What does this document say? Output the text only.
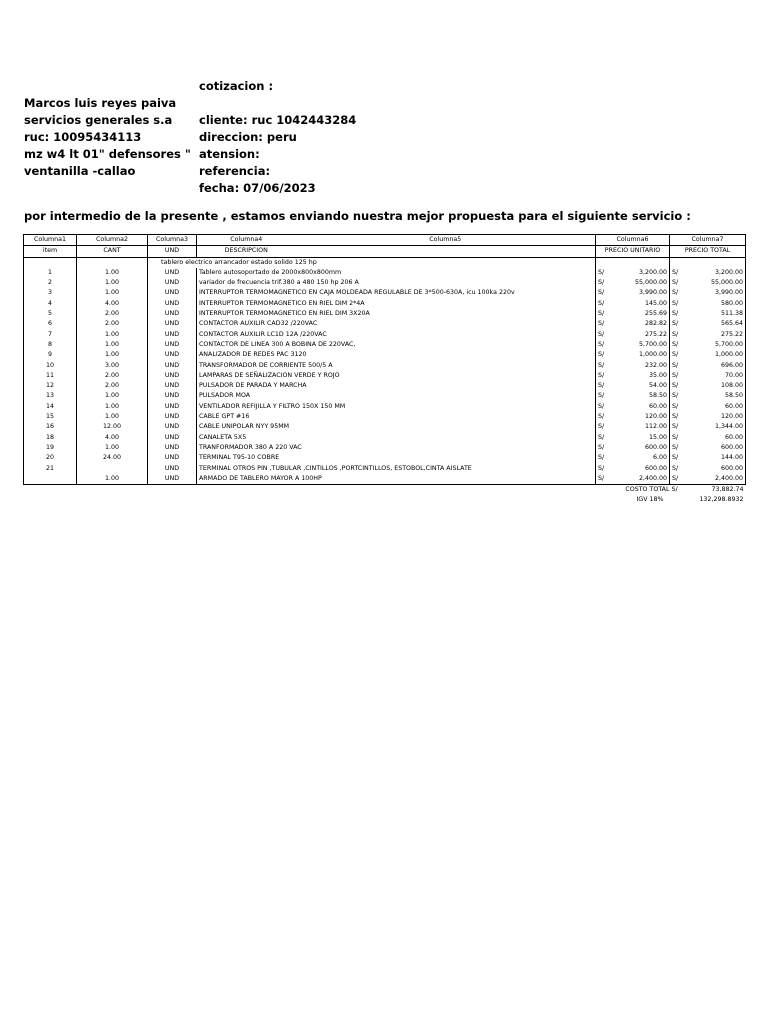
Marcos luis reyes paiva
servicios generales s.a
ruc: 10095434113
mz w4 lt 01" defensores "
ventanilla -callao
cotizacion :

cliente: ruc 1042443284
direccion: peru
atension:
referencia:
fecha: 07/06/2023
por intermedio de la presente , estamos enviando nuestra mejor propuesta para el siguiente servicio :
Columna1	Columna2	Columna3	Columna4	Columna5	Columna6	Columna7
item	CANT	UND	DESCRIPCION		PRECIO UNITARIO	PRECIO TOTAL
		tablero electrico arrancador estado solido 125 hp				
1	1.00	UND	Tablero autosoportado de 2000x800x800mm		S/ 3,200.00	S/ 3,200.00

2	1.00	UND	variador de frecuencia trif.380 a 480 150 hp 206 A		S/ 55,000.00	S/ 55,000.00

3	1.00	UND	INTERRUPTOR TERMOMAGNETICO EN CAJA MOLDEADA REGULABLE DE 3*500-630A, icu 100ka 220v		S/ 3,990.00	S/ 3,990.00

4	4.00	UND	INTERRUPTOR TERMOMAGNETICO EN RIEL DIM 2*4A		S/ 145.00	S/ 580.00

5	2.00	UND	INTERRUPTOR TERMOMAGNETICO EN RIEL DIM 3X20A		S/ 255.69	S/ 511.38

6	2.00	UND	CONTACTOR AUXILIR CAD32 /220VAC		S/ 282.82	S/ 565.64

7	1.00	UND	CONTACTOR AUXILIR LC1D 12A /220VAC		S/ 275.22	S/ 275.22

8	1.00	UND	CONTACTOR DE LINEA 300 A BOBINA DE 220VAC,		S/ 5,700.00	S/ 5,700.00

9	1.00	UND	ANALIZADOR DE REDES PAC 3120		S/ 1,000.00	S/ 1,000.00

10	3.00	UND	TRANSFORMADOR DE CORRIENTE 500/5 A		S/ 232.00	S/ 696.00

11	2.00	UND	LAMPARAS DE SEÑALIZACION VERDE Y ROJO		S/ 35.00	S/ 70.00

12	2.00	UND	PULSADOR DE PARADA Y MARCHA		S/ 54.00	S/ 108.00

13	1.00	UND	PULSADOR MOA		S/ 58.50	S/ 58.50

14	1.00	UND	VENTILADOR REFIJILLA Y FILTRO 150X 150 MM		S/ 60.00	S/ 60.00

15	1.00	UND	CABLE GPT #16		S/ 120.00	S/ 120.00

16	12.00	UND	CABLE UNIPOLAR NYY 95MM		S/ 112.00	S/ 1,344.00

18	4.00	UND	CANALETA 5X5		S/ 15.00	S/ 60.00

19	1.00	UND	TRANFORMADOR 380 A 220 VAC		S/ 600.00	S/ 600.00

20	24.00	UND	TERMINAL T95-10 COBRE		S/ 6.00	S/ 144.00

21		UND	TERMINAL OTROS PIN ,TUBULAR ,CINTILLOS ,PORTCINTILLOS, ESTOBOL,CINTA AISLATE		S/ 600.00	S/ 600.00

	1.00	UND	ARMADO DE TABLERO MAYOR A 100HP		S/ 2,400.00	S/ 2,400.00

				COSTO TOTAL		S/ 73,882.74

				IGV 18%		132,298.8932
